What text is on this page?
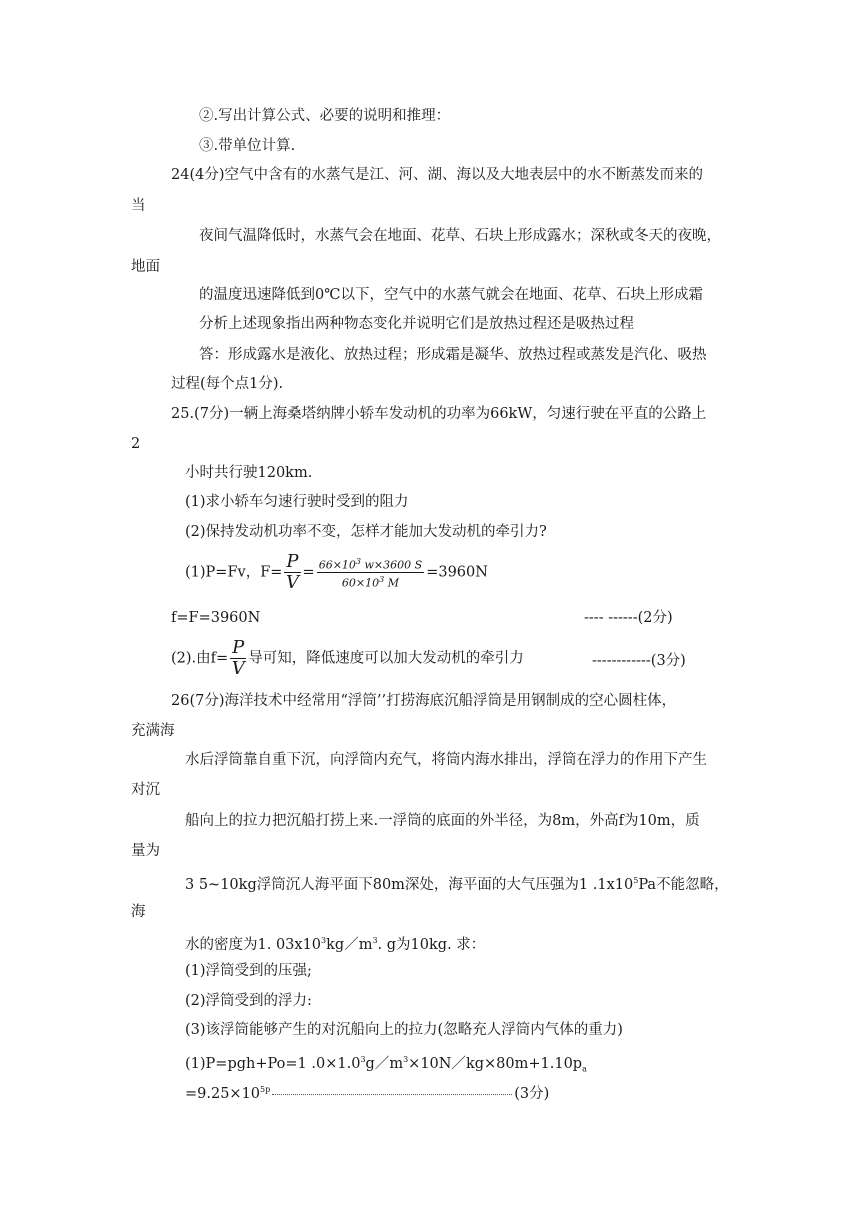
②.写出计算公式、必要的说明和推理：
③.带单位计算.
24(4分)空气中含有的水蒸气是江、河、湖、海以及大地表层中的水不断蒸发而来的
当
夜间气温降低时，水蒸气会在地面、花草、石块上形成露水；深秋或冬天的夜晚，
地面
的温度迅速降低到0℃以下，空气中的水蒸气就会在地面、花草、石块上形成霜
分析上述现象指出两种物态变化并说明它们是放热过程还是吸热过程
答：形成露水是液化、放热过程；形成霜是凝华、放热过程或蒸发是汽化、吸热
过程(每个点1分).
25.(7分)一辆上海桑塔纳牌小轿车发动机的功率为66kW，匀速行驶在平直的公路上
2
小时共行驶120km.
(1)求小轿车匀速行驶时受到的阻力
(2)保持发动机功率不变，怎样才能加大发动机的牵引力?
(1)P=Fv，$F= \frac{P}{V} = \frac{66\times 10^3 w\times 3600 S}{60\times 10^3 M} =3960N$
f=F=3960N	---- ------(2分)
(2).由$f= \frac{P}{V}$ 导可知，降低速度可以加大发动机的牵引力	------------(3分)
26(7分)海洋技术中经常用“浮筒’’打捞海底沉船浮筒是用钢制成的空心圆柱体，
充满海
水后浮筒靠自重下沉，向浮筒内充气，将筒内海水排出，浮筒在浮力的作用下产生
对沉
船向上的拉力把沉船打捞上来.一浮筒的底面的外半径，为8m，外高f为10m，质
量为
3 5~10kg浮筒沉人海平面下80m深处，海平面的大气压强为1 $.1x10^5Pa$不能忽略，
海
水的密度为1. $03x10^3kg/m^3$. g为10kg. 求：
(1)浮筒受到的压强;
(2)浮筒受到的浮力:
(3)该浮筒能够产生的对沉船向上的拉力(忽略充人浮筒内气体的重力)
(1)P=pgh+Po=1 $.0\times 1.0^3g/m^3\times 10N/kg\times 80m+1.10p_a$
$=9.25\times 10^{5p}$	(3分)
